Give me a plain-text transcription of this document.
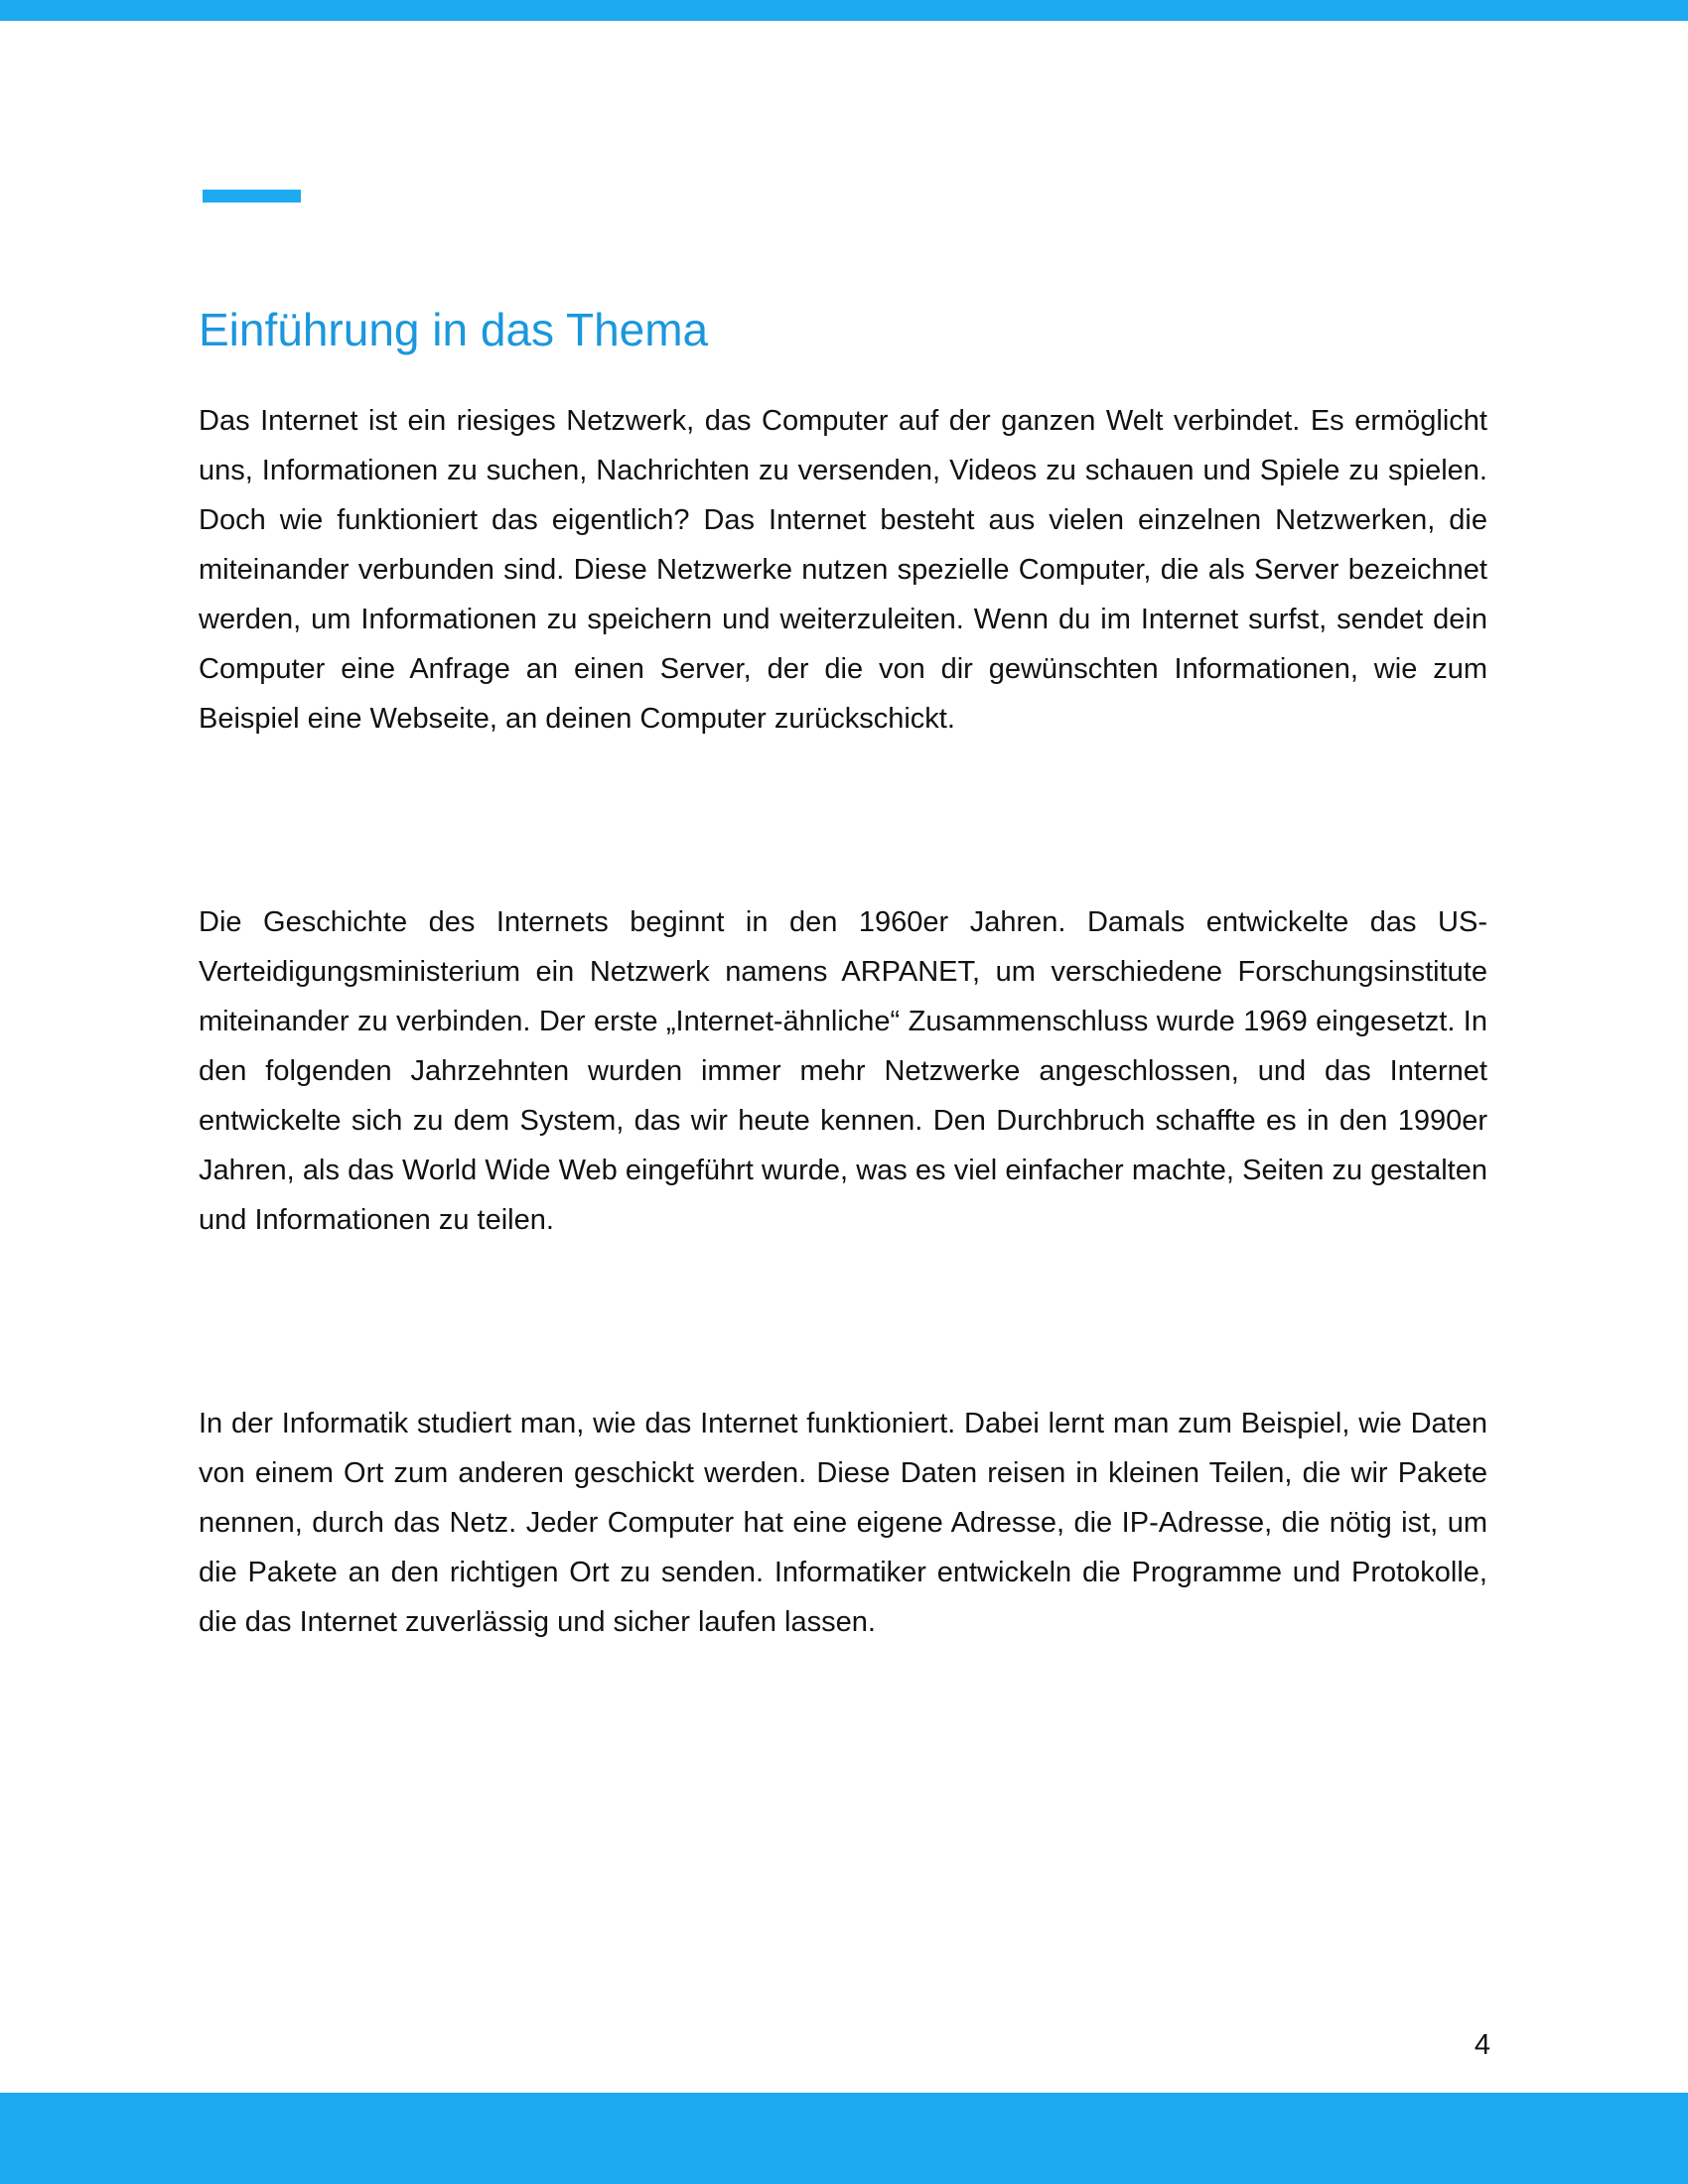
Einführung in das Thema

Das Internet ist ein riesiges Netzwerk, das Computer auf der ganzen Welt verbindet. Es ermöglicht uns, Informationen zu suchen, Nachrichten zu versenden, Videos zu schauen und Spiele zu spielen. Doch wie funktioniert das eigentlich? Das Internet besteht aus vielen einzelnen Netzwerken, die miteinander verbunden sind. Diese Netzwerke nutzen spezielle Computer, die als Server bezeichnet werden, um Informationen zu speichern und weiterzuleiten. Wenn du im Internet surfst, sendet dein Computer eine Anfrage an einen Server, der die von dir gewünschten Informationen, wie zum Beispiel eine Webseite, an deinen Computer zurückschickt.

Die Geschichte des Internets beginnt in den 1960er Jahren. Damals entwickelte das US-Verteidigungsministerium ein Netzwerk namens ARPANET, um verschiedene Forschungsinstitute miteinander zu verbinden. Der erste „Internet-ähnliche“ Zusammenschluss wurde 1969 eingesetzt. In den folgenden Jahrzehnten wurden immer mehr Netzwerke angeschlossen, und das Internet entwickelte sich zu dem System, das wir heute kennen. Den Durchbruch schaffte es in den 1990er Jahren, als das World Wide Web eingeführt wurde, was es viel einfacher machte, Seiten zu gestalten und Informationen zu teilen.

In der Informatik studiert man, wie das Internet funktioniert. Dabei lernt man zum Beispiel, wie Daten von einem Ort zum anderen geschickt werden. Diese Daten reisen in kleinen Teilen, die wir Pakete nennen, durch das Netz. Jeder Computer hat eine eigene Adresse, die IP-Adresse, die nötig ist, um die Pakete an den richtigen Ort zu senden. Informatiker entwickeln die Programme und Protokolle, die das Internet zuverlässig und sicher laufen lassen.

4
